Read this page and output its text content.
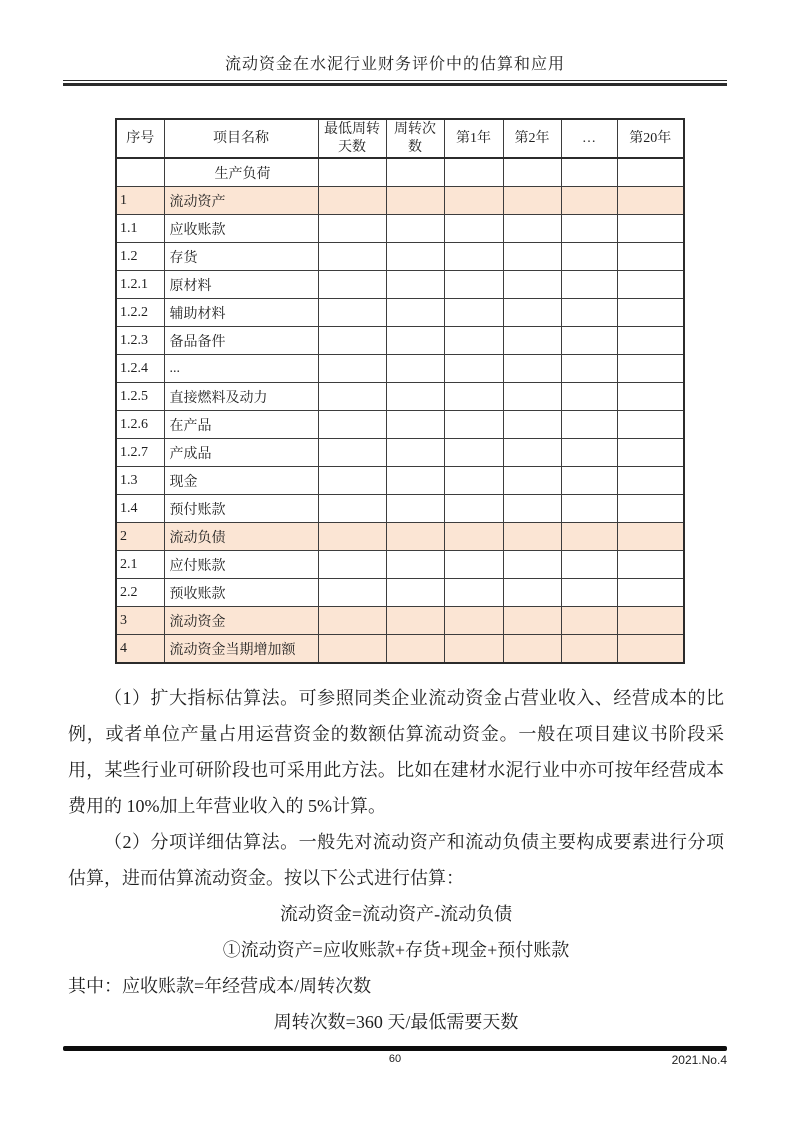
流动资金在水泥行业财务评价中的估算和应用
序号	项目名称	最低周转天数	周转次数	第1年	第2年	…	第20年
	生产负荷						
1	流动资产						
1.1	应收账款						
1.2	存货						
1.2.1	原材料						
1.2.2	辅助材料						
1.2.3	备品备件						
1.2.4	...						
1.2.5	直接燃料及动力						
1.2.6	在产品						
1.2.7	产成品						
1.3	现金						
1.4	预付账款						
2	流动负债						
2.1	应付账款						
2.2	预收账款						
3	流动资金						
4	流动资金当期增加额						

（1）扩大指标估算法。可参照同类企业流动资金占营业收入、经营成本的比例，或者单位产量占用运营资金的数额估算流动资金。一般在项目建议书阶段采用，某些行业可研阶段也可采用此方法。比如在建材水泥行业中亦可按年经营成本费用的 10%加上年营业收入的 5%计算。

（2）分项详细估算法。一般先对流动资产和流动负债主要构成要素进行分项估算，进而估算流动资金。按以下公式进行估算：

流动资金=流动资产-流动负债
①流动资产=应收账款+存货+现金+预付账款
其中：应收账款=年经营成本/周转次数
周转次数=360 天/最低需要天数
60	2021.No.4
